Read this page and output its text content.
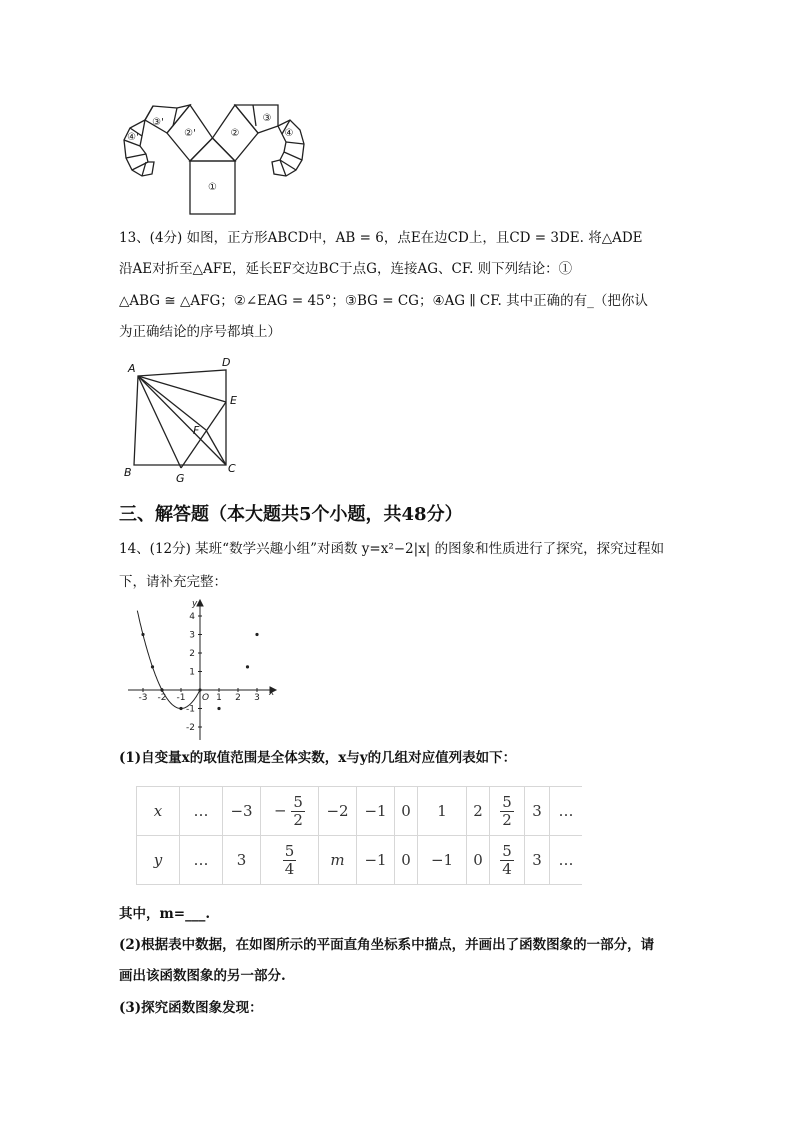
①
②
②'
③
③'
④
④'
13、(4分) 如图，正方形ABCD中，AB = 6，点E在边CD上，且CD = 3DE. 将△ADE
沿AE对折至△AFE，延长EF交边BC于点G，连接AG、CF. 则下列结论：①
△ABG ≅ △AFG；②∠EAG = 45°；③BG = CG；④AG ∥ CF. 其中正确的有_（把你认
为正确结论的序号都填上）
A	D
E
F
B	G
C
三、解答题（本大题共5个小题，共48分）
14、(12分) 某班“数学兴趣小组”对函数 y=x²−2|x| 的图象和性质进行了探究，探究过程如
下，请补充完整：
-3 -2 -1	1 2 3
4
3
2
1
-1
-2
x
y
O
(1)自变量x的取值范围是全体实数，x与y的几组对应值列表如下：
x	…	−3	− $\frac{5}{2}$	−2	−1	0	1	2	$\frac{5}{2}$	3	…
y	…	3	$\frac{5}{4}$	m	−1	0	−1	0	$\frac{5}{4}$	3	…
其中，m=___.
(2)根据表中数据，在如图所示的平面直角坐标系中描点，并画出了函数图象的一部分，请
画出该函数图象的另一部分.
(3)探究函数图象发现：
